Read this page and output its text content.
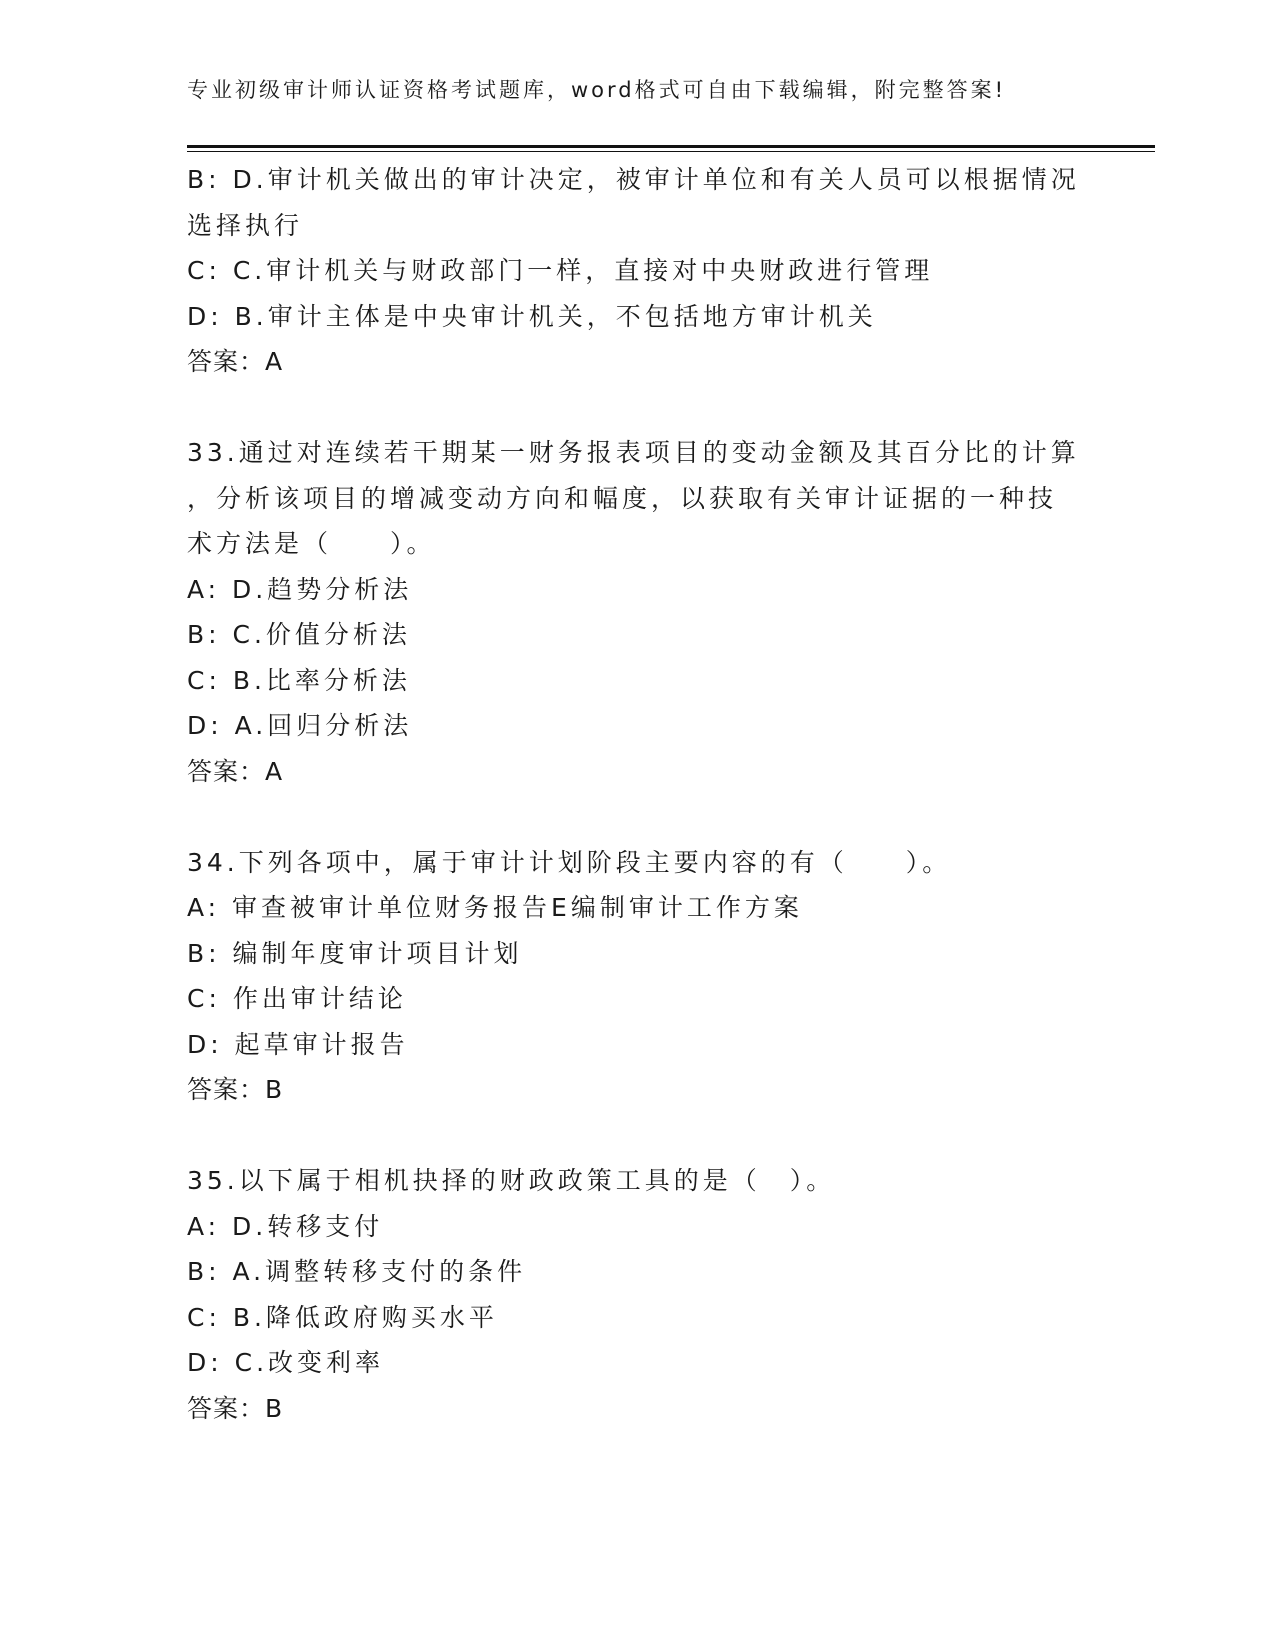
专业初级审计师认证资格考试题库，word格式可自由下载编辑，附完整答案!
B: D.审计机关做出的审计决定，被审计单位和有关人员可以根据情况
选择执行
C: C.审计机关与财政部门一样，直接对中央财政进行管理
D: B.审计主体是中央审计机关，不包括地方审计机关
答案：A
33.通过对连续若干期某一财务报表项目的变动金额及其百分比的计算
，分析该项目的增减变动方向和幅度，以获取有关审计证据的一种技
术方法是（　　）。
A: D.趋势分析法
B: C.价值分析法
C: B.比率分析法
D: A.回归分析法
答案：A
34.下列各项中，属于审计计划阶段主要内容的有（　　）。
A: 审查被审计单位财务报告E编制审计工作方案
B: 编制年度审计项目计划
C: 作出审计结论
D: 起草审计报告
答案：B
35.以下属于相机抉择的财政政策工具的是（　）。
A: D.转移支付
B: A.调整转移支付的条件
C: B.降低政府购买水平
D: C.改变利率
答案：B
